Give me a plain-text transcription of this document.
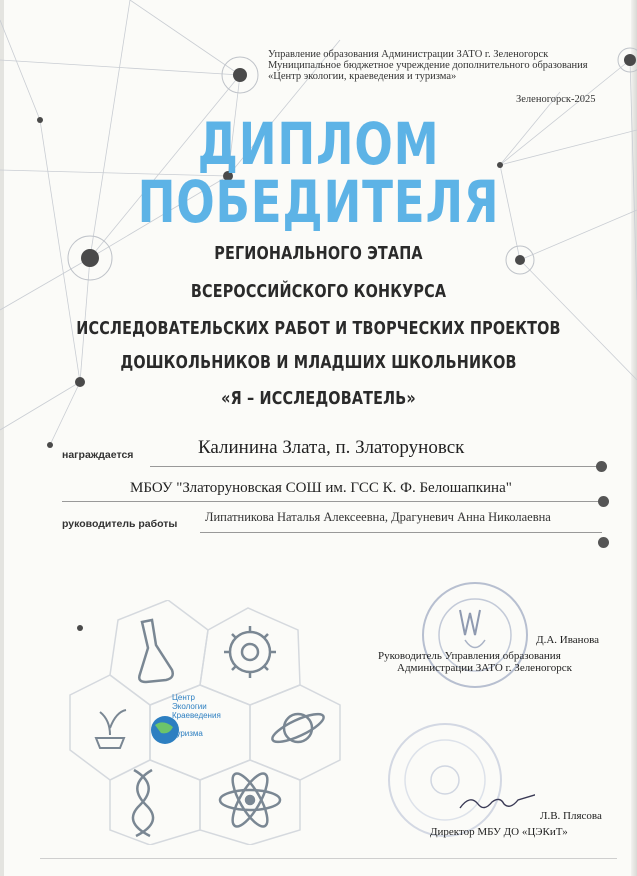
Управление образования Администрации ЗАТО г. Зеленогорск
Муниципальное бюджетное учреждение дополнительного образования
«Центр экологии, краеведения и туризма»
Зеленогорск-2025
ДИПЛОМ
ПОБЕДИТЕЛЯ
РЕГИОНАЛЬНОГО ЭТАПА
ВСЕРОССИЙСКОГО КОНКУРСА
ИССЛЕДОВАТЕЛЬСКИХ РАБОТ И ТВОРЧЕСКИХ ПРОЕКТОВ
ДОШКОЛЬНИКОВ И МЛАДШИХ ШКОЛЬНИКОВ
«Я – ИССЛЕДОВАТЕЛЬ»
награждается	Калинина Злата, п. Златоруновск
МБОУ "Златоруновская СОШ им. ГСС К. Ф. Белошапкина"
руководитель работы Липатникова Наталья Алексеевна, Драгуневич Анна Николаевна
Центр
Экологии
Краеведения
и
Туризма
Д.А. Иванова
Руководитель Управления образования
Администрации ЗАТО г. Зеленогорск
Л.В. Плясова
Директор МБУ ДО «ЦЭКиТ»
